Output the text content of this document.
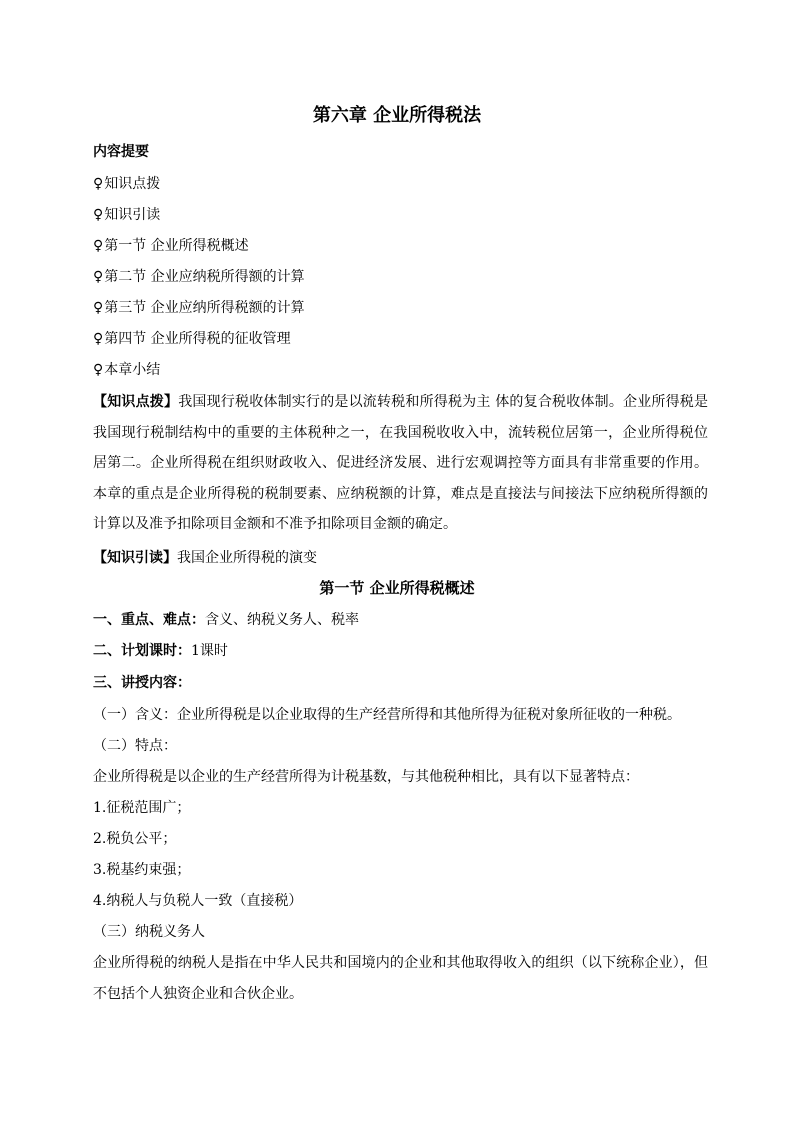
第六章 企业所得税法
内容提要
♀知识点拨
♀知识引读
♀第一节 企业所得税概述
♀第二节 企业应纳税所得额的计算
♀第三节 企业应纳所得税额的计算
♀第四节 企业所得税的征收管理
♀本章小结
【知识点拨】我国现行税收体制实行的是以流转税和所得税为主 体的复合税收体制。企业所得税是我国现行税制结构中的重要的主体税种之一，在我国税收收入中，流转税位居第一，企业所得税位居第二。企业所得税在组织财政收入、促进经济发展、进行宏观调控等方面具有非常重要的作用。本章的重点是企业所得税的税制要素、应纳税额的计算，难点是直接法与间接法下应纳税所得额的计算以及准予扣除项目金额和不准予扣除项目金额的确定。
【知识引读】我国企业所得税的演变
第一节 企业所得税概述
一、重点、难点：含义、纳税义务人、税率
二、计划课时：1课时
三、讲授内容：
（一）含义：企业所得税是以企业取得的生产经营所得和其他所得为征税对象所征收的一种税。
（二）特点：
企业所得税是以企业的生产经营所得为计税基数，与其他税种相比，具有以下显著特点：
1.征税范围广；
2.税负公平；
3.税基约束强；
4.纳税人与负税人一致（直接税）
（三）纳税义务人
企业所得税的纳税人是指在中华人民共和国境内的企业和其他取得收入的组织（以下统称企业），但不包括个人独资企业和合伙企业。
